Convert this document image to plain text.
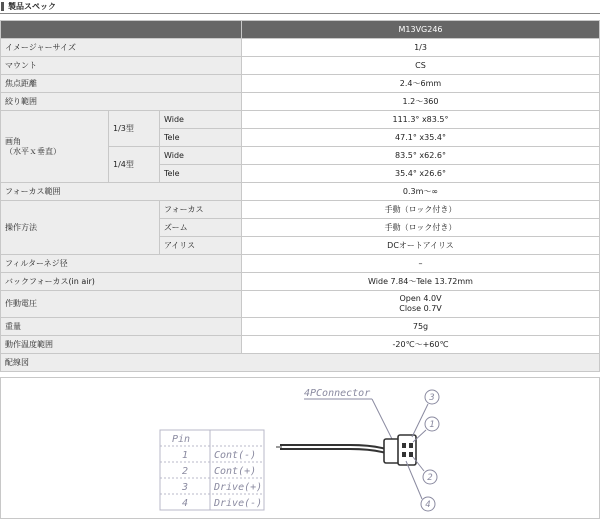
製品スペック
			M13VG246
イメージャーサイズ			1/3
マウント			CS
焦点距離			2.4～6mm
絞り範囲			1.2～360

画角
（水平ｘ垂直）	1/3型	Wide	111.3° x83.5°
		Tele	47.1° x35.4°
	1/4型	Wide	83.5° x62.6°
		Tele	35.4° x26.6°
フォーカス範囲			0.3m～∞
操作方法		フォーカス	手動（ロック付き）
		ズーム	手動（ロック付き）
		アイリス	DCオートアイリス
フィルターネジ径			–
バックフォーカス(in air)			Wide 7.84～Tele 13.72mm
作動電圧			Open 4.0V
Close 0.7V

重量			75g
動作温度範囲			-20℃～+60℃
配線図			
Pin
1	Cont(-)
2	Cont(+)
3	Drive(+)
4	Drive(-)
4PConnector	3
1
2
4
